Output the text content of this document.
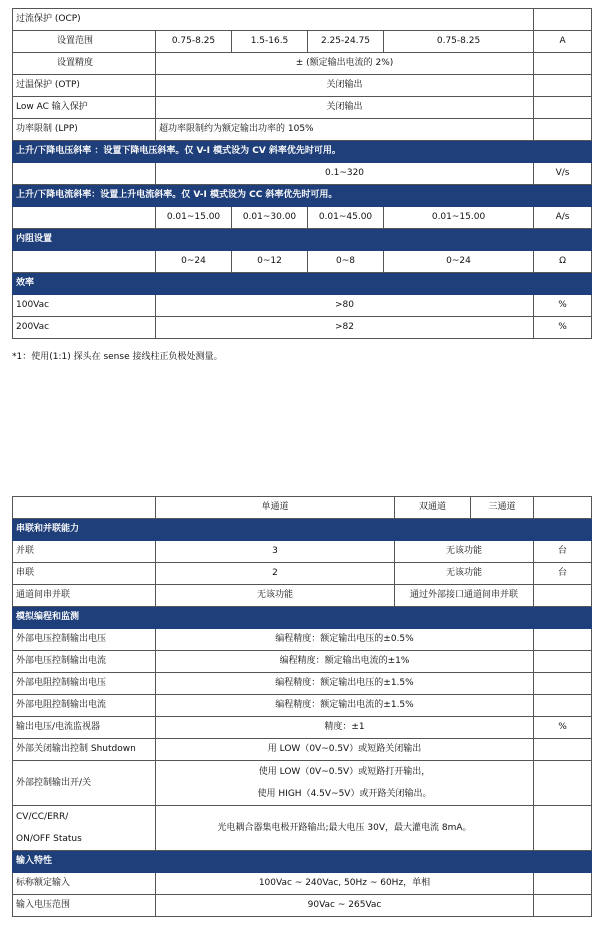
过流保护 (OCP)					
设置范围	0.75-8.25	1.5-16.5	2.25-24.75	0.75-8.25	A
设置精度	± (额定输出电流的 2%)				
过温保护 (OTP)	关闭输出				
Low AC 输入保护	关闭输出				
功率限制 (LPP)	超功率限制约为额定输出功率的 105%				
上升/下降电压斜率 ：设置下降电压斜率。仅 V-I 模式设为 CV 斜率优先时可用。					
	0.1~320				V/s
上升/下降电流斜率：设置上升电流斜率。仅 V-I 模式设为 CC 斜率优先时可用。					
	0.01~15.00	0.01~30.00	0.01~45.00	0.01~15.00	A/s
内阻设置					
	0~24	0~12	0~8	0~24	Ω
效率					
100Vac	>80				%
200Vac	>82				%
*1：使用(1:1) 探头在 sense 接线柱正负极处测量。
	单通道	双通道	三通道	
串联和并联能力				
并联	3	无该功能		台
串联	2	无该功能		台
通道间串并联	无该功能	通过外部接口通道间串并联		
模拟编程和监测				
外部电压控制输出电压	编程精度：额定输出电压的±0.5%			
外部电压控制输出电流	编程精度：额定输出电流的±1%			
外部电阻控制输出电压	编程精度：额定输出电压的±1.5%			
外部电阻控制输出电流	编程精度：额定输出电流的±1.5%			
输出电压/电流监视器	精度：±1			%
外部关闭输出控制 Shutdown	用 LOW（0V~0.5V）或短路关闭输出			
外部控制输出开/关	使用 LOW（0V~0.5V）或短路打开输出，
使用 HIGH（4.5V~5V）或开路关闭输出。			

CV/CC/ERR/
ON/OFF Status	光电耦合器集电极开路输出;最大电压 30V，最大灌电流 8mA。			
输入特性				
标称额定输入	100Vac ~ 240Vac, 50Hz ~ 60Hz，单相			
输入电压范围	90Vac ~ 265Vac			
